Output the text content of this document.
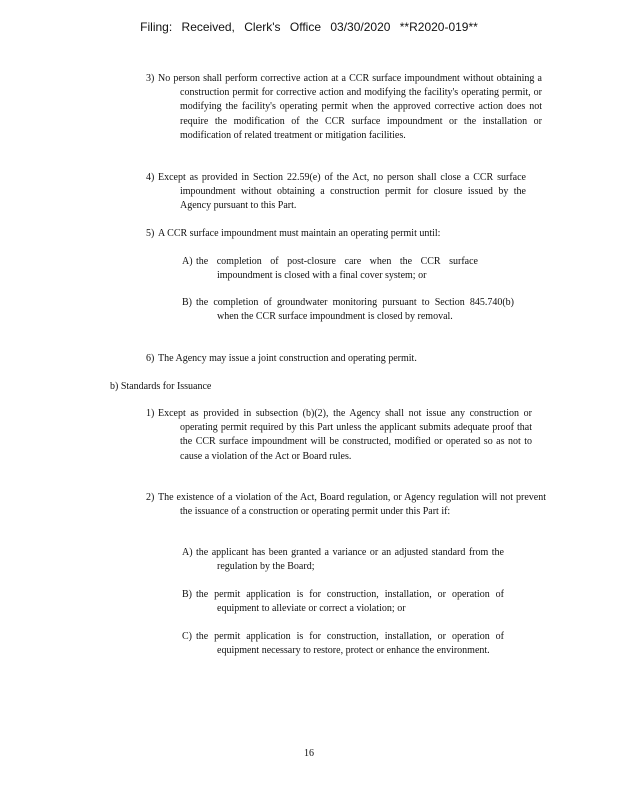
Filing: Received, Clerk's Office 03/30/2020 **R2020-019**
3) No person shall perform corrective action at a CCR surface impoundment without obtaining a construction permit for corrective action and modifying the facility's operating permit, or modifying the facility's operating permit when the approved corrective action does not require the modification of the CCR surface impoundment or the installation or modification of related treatment or mitigation facilities.
4) Except as provided in Section 22.59(e) of the Act, no person shall close a CCR surface impoundment without obtaining a construction permit for closure issued by the Agency pursuant to this Part.
5) A CCR surface impoundment must maintain an operating permit until:
A) the completion of post-closure care when the CCR surface impoundment is closed with a final cover system; or
B) the completion of groundwater monitoring pursuant to Section 845.740(b) when the CCR surface impoundment is closed by removal.
6) The Agency may issue a joint construction and operating permit.
b) Standards for Issuance
1) Except as provided in subsection (b)(2), the Agency shall not issue any construction or operating permit required by this Part unless the applicant submits adequate proof that the CCR surface impoundment will be constructed, modified or operated so as not to cause a violation of the Act or Board rules.
2) The existence of a violation of the Act, Board regulation, or Agency regulation will not prevent the issuance of a construction or operating permit under this Part if:
A) the applicant has been granted a variance or an adjusted standard from the regulation by the Board;
B) the permit application is for construction, installation, or operation of equipment to alleviate or correct a violation; or
C) the permit application is for construction, installation, or operation of equipment necessary to restore, protect or enhance the environment.
16
